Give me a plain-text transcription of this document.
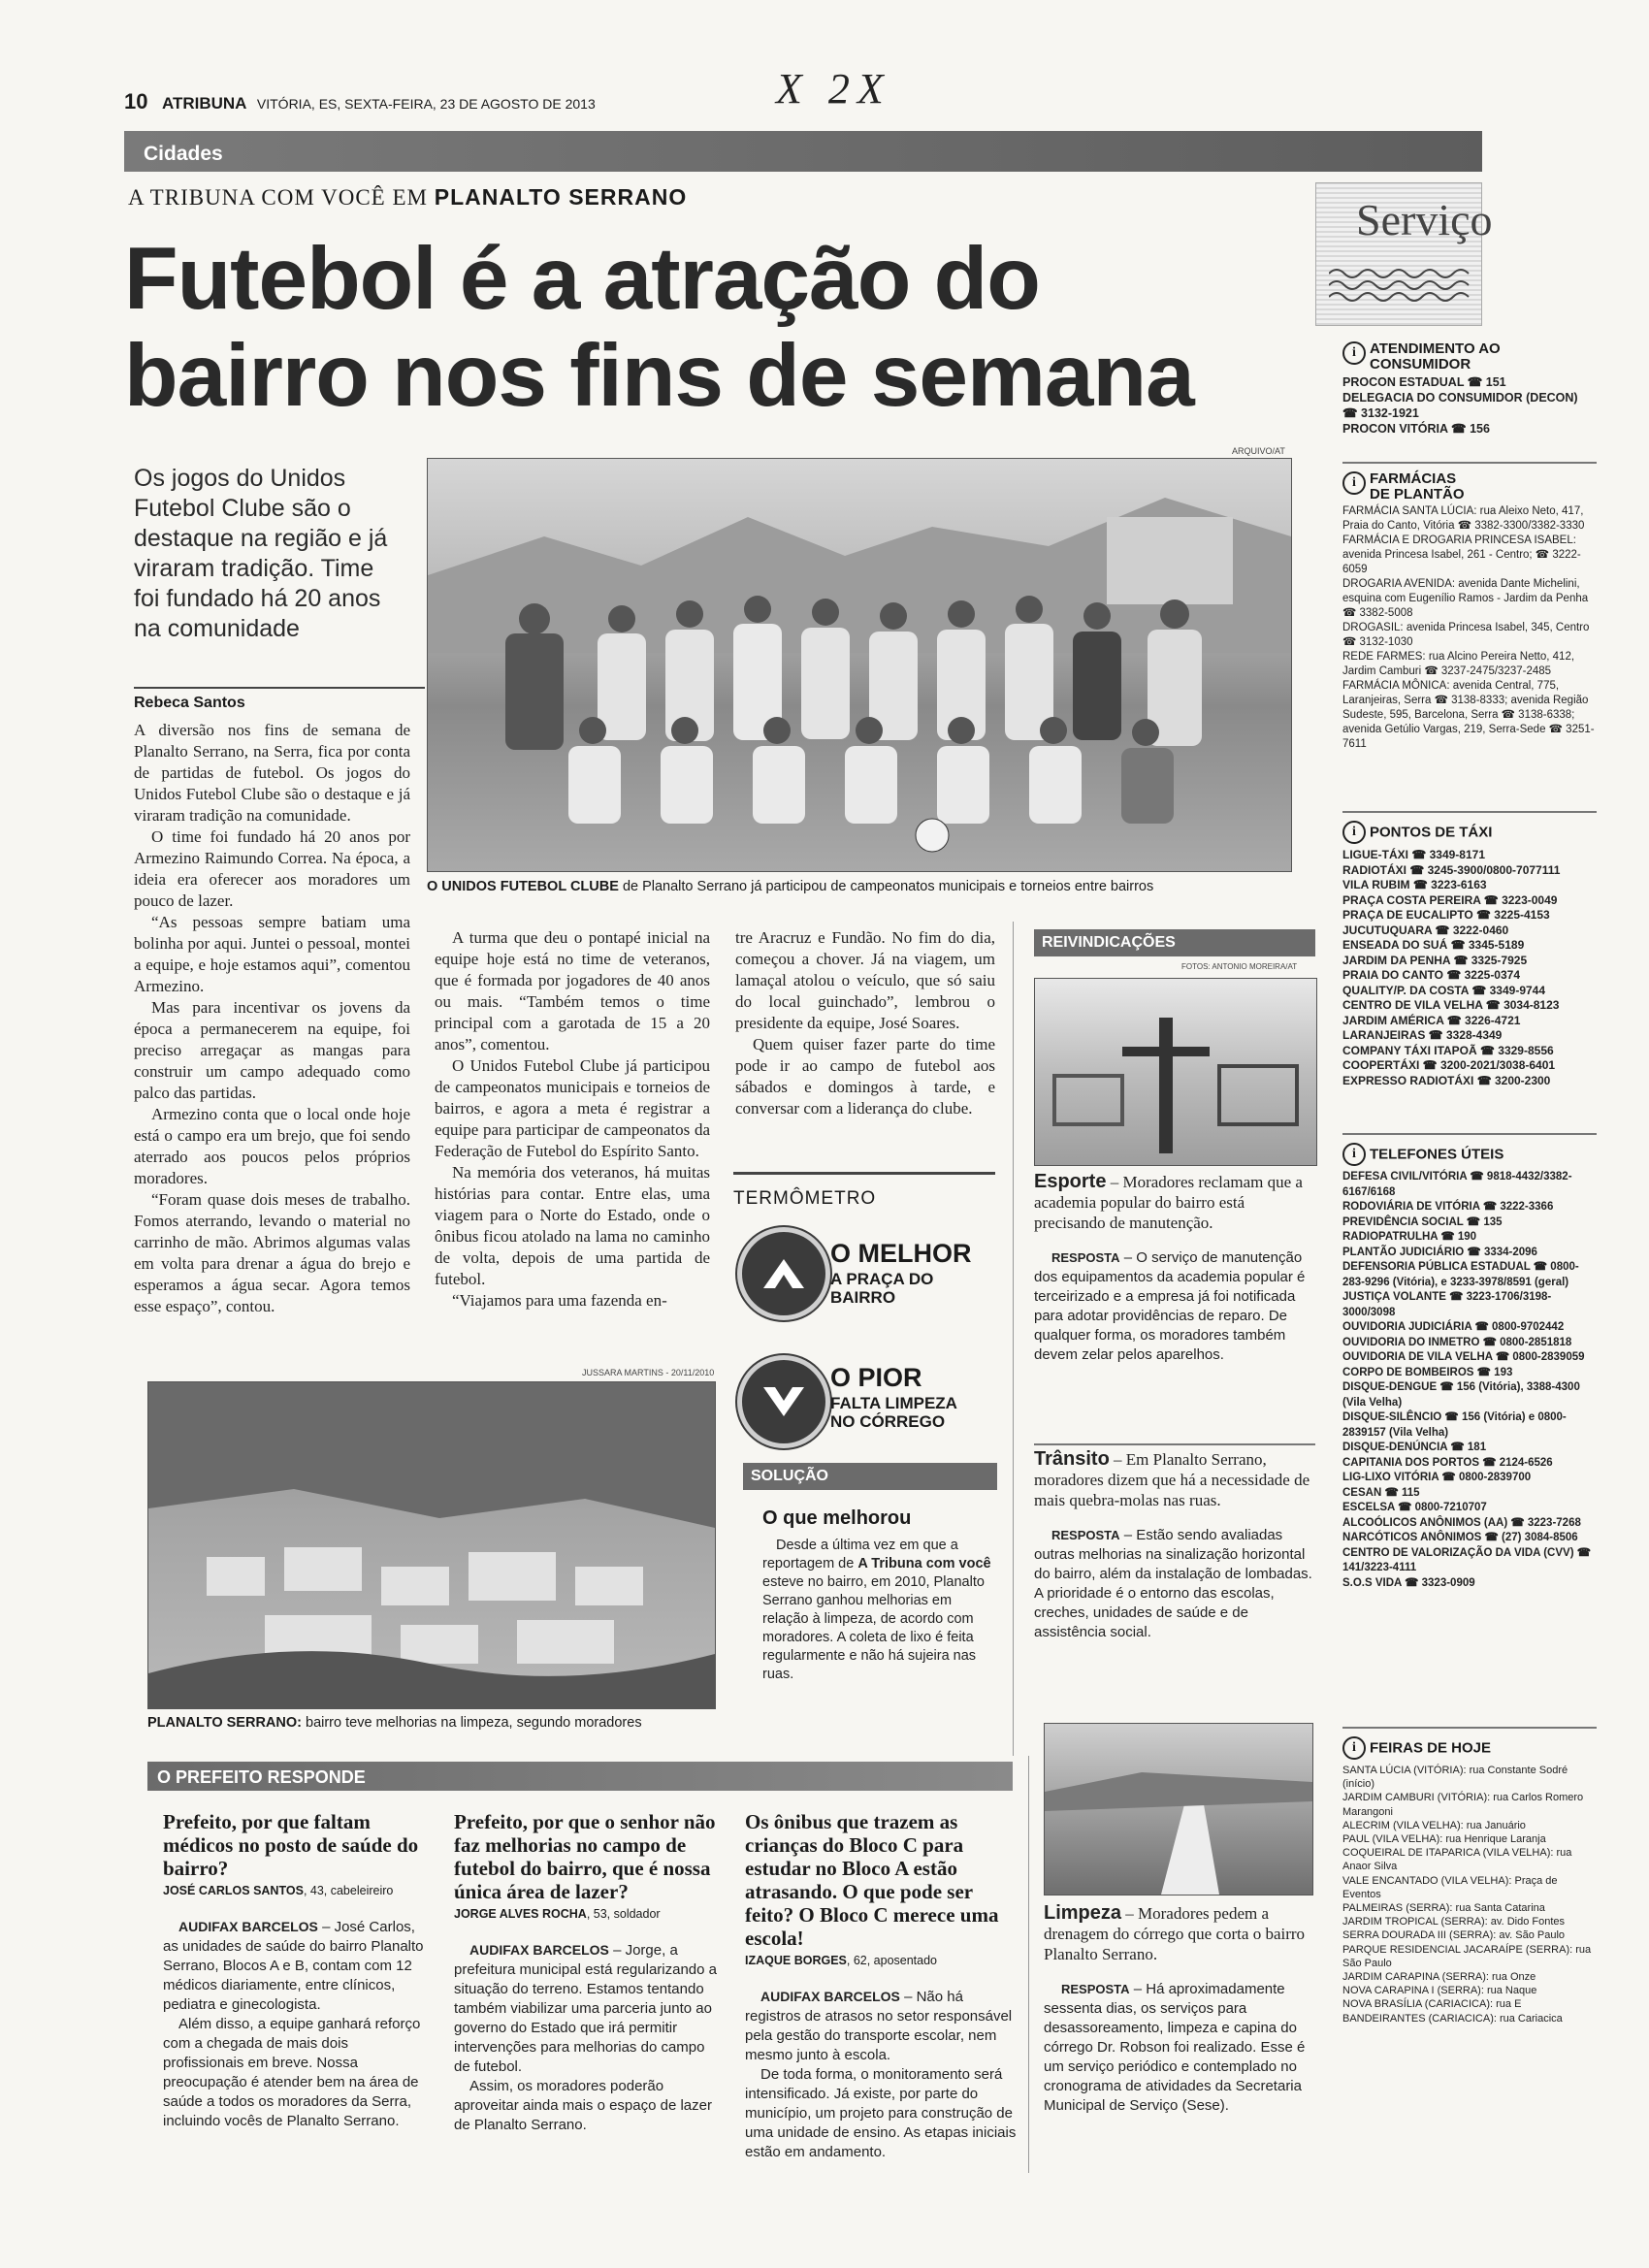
10 ATRIBUNA VITÓRIA, ES, SEXTA-FEIRA, 23 DE AGOSTO DE 2013	X 2X
Cidades
A TRIBUNA COM VOCÊ EM PLANALTO SERRANO
Futebol é a atração do
bairro nos fins de semana
Os jogos do Unidos Futebol Clube são o destaque na região e já viraram tradição. Time foi fundado há 20 anos na comunidade
Rebeca Santos
ARQUIVO/AT
O UNIDOS FUTEBOL CLUBE de Planalto Serrano já participou de campeonatos municipais e torneios entre bairros

A diversão nos fins de semana de Planalto Serrano, na Serra, fica por conta de partidas de futebol. Os jogos do Unidos Futebol Clube são o destaque e já viraram tradição na comunidade.

O time foi fundado há 20 anos por Armezino Raimundo Correa. Na época, a ideia era oferecer aos moradores um pouco de lazer.

“As pessoas sempre batiam uma bolinha por aqui. Juntei o pessoal, montei a equipe, e hoje estamos aqui”, comentou Armezino.

Mas para incentivar os jovens da época a permanecerem na equipe, foi preciso arregaçar as mangas para construir um campo adequado como palco das partidas.

Armezino conta que o local onde hoje está o campo era um brejo, que foi sendo aterrado aos poucos pelos próprios moradores.

“Foram quase dois meses de trabalho. Fomos aterrando, levando o material no carrinho de mão. Abrimos algumas valas em volta para drenar a água do brejo e esperamos a água secar. Agora temos esse espaço”, contou.

A turma que deu o pontapé inicial na equipe hoje está no time de veteranos, que é formada por jogadores de 40 anos ou mais. “Também temos o time principal com a garotada de 15 a 20 anos”, comentou.

O Unidos Futebol Clube já participou de campeonatos municipais e torneios de bairros, e agora a meta é registrar a equipe para participar de campeonatos da Federação de Futebol do Espírito Santo.

Na memória dos veteranos, há muitas histórias para contar. Entre elas, uma viagem para o Norte do Estado, onde o ônibus ficou atolado na lama no caminho de volta, depois de uma partida de futebol.

“Viajamos para uma fazenda en-

tre Aracruz e Fundão. No fim do dia, começou a chover. Já na viagem, um lamaçal atolou o veículo, que só saiu do local guinchado”, lembrou o presidente da equipe, José Soares.

Quem quiser fazer parte do time pode ir ao campo de futebol aos sábados e domingos à tarde, e conversar com a liderança do clube.

TERMÔMETRO
O MELHOR
A PRAÇA DO BAIRRO
O PIOR
FALTA LIMPEZA NO CÓRREGO
SOLUÇÃO
O que melhorou
Desde a última vez em que a reportagem de A Tribuna com você esteve no bairro, em 2010, Planalto Serrano ganhou melhorias em relação à limpeza, de acordo com moradores. A coleta de lixo é feita regularmente e não há sujeira nas ruas.
JUSSARA MARTINS - 20/11/2010
PLANALTO SERRANO: bairro teve melhorias na limpeza, segundo moradores
REIVINDICAÇÕES
FOTOS: ANTONIO MOREIRA/AT
Esporte – Moradores reclamam que a academia popular do bairro está precisando de manutenção.
RESPOSTA – O serviço de manutenção dos equipamentos da academia popular é terceirizado e a empresa já foi notificada para adotar providências de reparo. De qualquer forma, os moradores também devem zelar pelos aparelhos.
Trânsito – Em Planalto Serrano, moradores dizem que há a necessidade de mais quebra-molas nas ruas.
RESPOSTA – Estão sendo avaliadas outras melhorias na sinalização horizontal do bairro, além da instalação de lombadas. A prioridade é o entorno das escolas, creches, unidades de saúde e de assistência social.
Limpeza – Moradores pedem a drenagem do córrego que corta o bairro Planalto Serrano.
RESPOSTA – Há aproximadamente sessenta dias, os serviços para desassoreamento, limpeza e capina do córrego Dr. Robson foi realizado. Esse é um serviço periódico e contemplado no cronograma de atividades da Secretaria Municipal de Serviço (Sese).
O PREFEITO RESPONDE
Prefeito, por que faltam médicos no posto de saúde do bairro?
JOSÉ CARLOS SANTOS, 43, cabeleireiro

AUDIFAX BARCELOS – José Carlos, as unidades de saúde do bairro Planalto Serrano, Blocos A e B, contam com 12 médicos diariamente, entre clínicos, pediatra e ginecologista.

Além disso, a equipe ganhará reforço com a chegada de mais dois profissionais em breve. Nossa preocupação é atender bem na área de saúde a todos os moradores da Serra, incluindo vocês de Planalto Serrano.

Prefeito, por que o senhor não faz melhorias no campo de futebol do bairro, que é nossa única área de lazer?
JORGE ALVES ROCHA, 53, soldador

AUDIFAX BARCELOS – Jorge, a prefeitura municipal está regularizando a situação do terreno. Estamos tentando também viabilizar uma parceria junto ao governo do Estado que irá permitir intervenções para melhorias do campo de futebol.

Assim, os moradores poderão aproveitar ainda mais o espaço de lazer de Planalto Serrano.

Os ônibus que trazem as crianças do Bloco C para estudar no Bloco A estão atrasando. O que pode ser feito? O Bloco C merece uma escola!
IZAQUE BORGES, 62, aposentado

AUDIFAX BARCELOS – Não há registros de atrasos no setor responsável pela gestão do transporte escolar, nem mesmo junto à escola.

De toda forma, o monitoramento será intensificado. Já existe, por parte do município, um projeto para construção de uma unidade de ensino. As etapas iniciais estão em andamento.

Serviço
i ATENDIMENTO AO CONSUMIDOR
PROCON ESTADUAL ☎ 151
DELEGACIA DO CONSUMIDOR (DECON) ☎ 3132-1921
PROCON VITÓRIA ☎ 156
i FARMÁCIAS DE PLANTÃO
FARMÁCIA SANTA LÚCIA: rua Aleixo Neto, 417, Praia do Canto, Vitória ☎ 3382-3300/3382-3330
FARMÁCIA E DROGARIA PRINCESA ISABEL: avenida Princesa Isabel, 261 - Centro; ☎ 3222-6059
DROGARIA AVENIDA: avenida Dante Michelini, esquina com Eugenílio Ramos - Jardim da Penha ☎ 3382-5008
DROGASIL: avenida Princesa Isabel, 345, Centro ☎ 3132-1030
REDE FARMES: rua Alcino Pereira Netto, 412, Jardim Camburi ☎ 3237-2475/3237-2485
FARMÁCIA MÔNICA: avenida Central, 775, Laranjeiras, Serra ☎ 3138-8333; avenida Região Sudeste, 595, Barcelona, Serra ☎ 3138-6338; avenida Getúlio Vargas, 219, Serra-Sede ☎ 3251-7611
i PONTOS DE TÁXI
LIGUE-TÁXI ☎ 3349-8171
RADIOTÁXI ☎ 3245-3900/0800-7077111
VILA RUBIM ☎ 3223-6163
PRAÇA COSTA PEREIRA ☎ 3223-0049
PRAÇA DE EUCALIPTO ☎ 3225-4153
JUCUTUQUARA ☎ 3222-0460
ENSEADA DO SUÁ ☎ 3345-5189
JARDIM DA PENHA ☎ 3325-7925
PRAIA DO CANTO ☎ 3225-0374
QUALITY/P. DA COSTA ☎ 3349-9744
CENTRO DE VILA VELHA ☎ 3034-8123
JARDIM AMÉRICA ☎ 3226-4721
LARANJEIRAS ☎ 3328-4349
COMPANY TÁXI ITAPOÃ ☎ 3329-8556
COOPERTÁXI ☎ 3200-2021/3038-6401
EXPRESSO RADIOTÁXI ☎ 3200-2300
i TELEFONES ÚTEIS
DEFESA CIVIL/VITÓRIA ☎ 9818-4432/3382-6167/6168
RODOVIÁRIA DE VITÓRIA ☎ 3222-3366
PREVIDÊNCIA SOCIAL ☎ 135
RADIOPATRULHA ☎ 190
PLANTÃO JUDICIÁRIO ☎ 3334-2096
DEFENSORIA PÚBLICA ESTADUAL ☎ 0800-283-9296 (Vitória), e 3233-3978/8591 (geral)
JUSTIÇA VOLANTE ☎ 3223-1706/3198-3000/3098
OUVIDORIA JUDICIÁRIA ☎ 0800-9702442
OUVIDORIA DO INMETRO ☎ 0800-2851818
OUVIDORIA DE VILA VELHA ☎ 0800-2839059
CORPO DE BOMBEIROS ☎ 193
DISQUE-DENGUE ☎ 156 (Vitória), 3388-4300 (Vila Velha)
DISQUE-SILÊNCIO ☎ 156 (Vitória) e 0800-2839157 (Vila Velha)
DISQUE-DENÚNCIA ☎ 181
CAPITANIA DOS PORTOS ☎ 2124-6526
LIG-LIXO VITÓRIA ☎ 0800-2839700
CESAN ☎ 115
ESCELSA ☎ 0800-7210707
ALCOÓLICOS ANÔNIMOS (AA) ☎ 3223-7268
NARCÓTICOS ANÔNIMOS ☎ (27) 3084-8506
CENTRO DE VALORIZAÇÃO DA VIDA (CVV) ☎ 141/3223-4111
S.O.S VIDA ☎ 3323-0909
i FEIRAS DE HOJE
SANTA LÚCIA (VITÓRIA): rua Constante Sodré (início)
JARDIM CAMBURI (VITÓRIA): rua Carlos Romero Marangoni
ALECRIM (VILA VELHA): rua Januário
PAUL (VILA VELHA): rua Henrique Laranja
COQUEIRAL DE ITAPARICA (VILA VELHA): rua Anaor Silva
VALE ENCANTADO (VILA VELHA): Praça de Eventos
PALMEIRAS (SERRA): rua Santa Catarina
JARDIM TROPICAL (SERRA): av. Dido Fontes
SERRA DOURADA III (SERRA): av. São Paulo
PARQUE RESIDENCIAL JACARAÍPE (SERRA): rua São Paulo
JARDIM CARAPINA (SERRA): rua Onze
NOVA CARAPINA I (SERRA): rua Naque
NOVA BRASÍLIA (CARIACICA): rua E
BANDEIRANTES (CARIACICA): rua Cariacica
